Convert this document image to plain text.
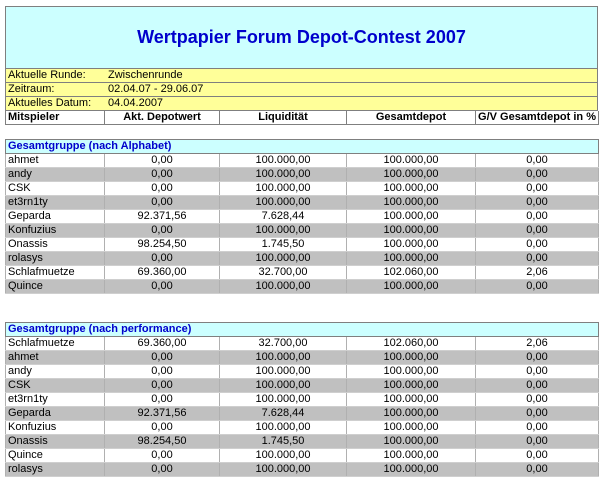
Wertpapier Forum Depot-Contest 2007
Aktuelle Runde:	Zwischenrunde
Zeitraum:	02.04.07 - 29.06.07
Aktuelles Datum:	04.04.2007
Mitspieler	Akt. Depotwert	Liquidität	Gesamtdepot	G/V Gesamtdepot in %

Gesamtgruppe (nach Alphabet)				
ahmet	0,00	100.000,00	100.000,00	0,00
andy	0,00	100.000,00	100.000,00	0,00
CSK	0,00	100.000,00	100.000,00	0,00
et3rn1ty	0,00	100.000,00	100.000,00	0,00
Geparda	92.371,56	7.628,44	100.000,00	0,00
Konfuzius	0,00	100.000,00	100.000,00	0,00
Onassis	98.254,50	1.745,50	100.000,00	0,00
rolasys	0,00	100.000,00	100.000,00	0,00
Schlafmuetze	69.360,00	32.700,00	102.060,00	2,06
Quince	0,00	100.000,00	100.000,00	0,00

Gesamtgruppe (nach performance)				
Schlafmuetze	69.360,00	32.700,00	102.060,00	2,06
ahmet	0,00	100.000,00	100.000,00	0,00
andy	0,00	100.000,00	100.000,00	0,00
CSK	0,00	100.000,00	100.000,00	0,00
et3rn1ty	0,00	100.000,00	100.000,00	0,00
Geparda	92.371,56	7.628,44	100.000,00	0,00
Konfuzius	0,00	100.000,00	100.000,00	0,00
Onassis	98.254,50	1.745,50	100.000,00	0,00
Quince	0,00	100.000,00	100.000,00	0,00
rolasys	0,00	100.000,00	100.000,00	0,00
